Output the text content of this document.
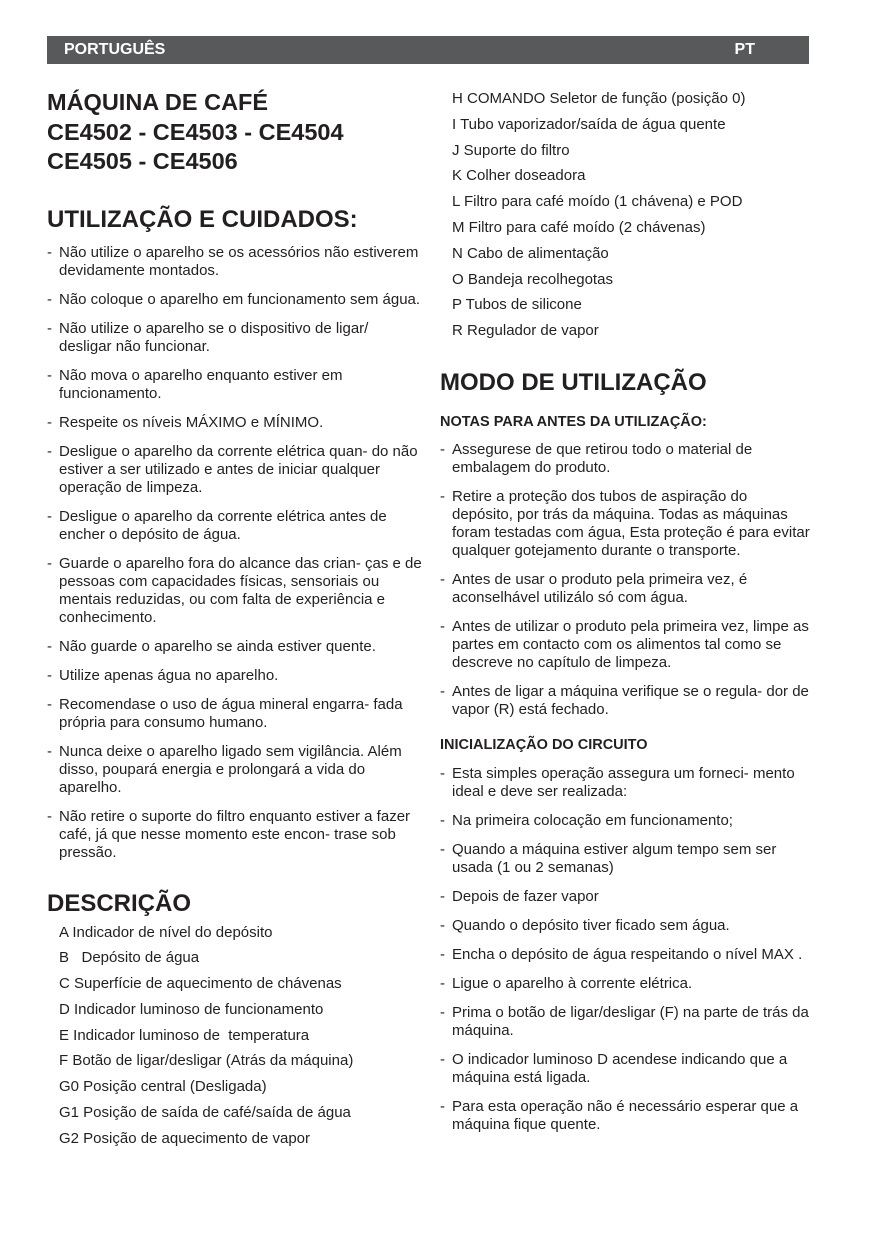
PORTUGUÊS	PT
MÁQUINA DE CAFÉ
CE4502 - CE4503 - CE4504
CE4505 - CE4506
UTILIZAÇÃO E CUIDADOS:
- Não utilize o aparelho se os acessórios não estiverem devidamente montados.
- Não coloque o aparelho em funcionamento sem água.
- Não utilize o aparelho se o dispositivo de ligar/ desligar não funcionar.
- Não mova o aparelho enquanto estiver em funcionamento.
- Respeite os níveis MÁXIMO e MÍNIMO.
- Desligue o aparelho da corrente elétrica quan- do não estiver a ser utilizado e antes de iniciar qualquer operação de limpeza.
- Desligue o aparelho da corrente elétrica antes de encher o depósito de água.
- Guarde o aparelho fora do alcance das crian- ças e de pessoas com capacidades físicas, sensoriais ou mentais reduzidas, ou com falta de experiência e conhecimento.
- Não guarde o aparelho se ainda estiver quente.
- Utilize apenas água no aparelho.
- Recomendase o uso de água mineral engarra- fada própria para consumo humano.
- Nunca deixe o aparelho ligado sem vigilância. Além disso, poupará energia e prolongará a vida do aparelho.
- Não retire o suporte do filtro enquanto estiver a fazer café, já que nesse momento este encon- trase sob pressão.
DESCRIÇÃO
A Indicador de nível do depósito
B   Depósito de água
C Superfície de aquecimento de chávenas
D Indicador luminoso de funcionamento
E Indicador luminoso de  temperatura
F Botão de ligar/desligar (Atrás da máquina)
G0 Posição central (Desligada)
G1 Posição de saída de café/saída de água
G2 Posição de aquecimento de vapor
H COMANDO Seletor de função (posição 0)
I Tubo vaporizador/saída de água quente
J Suporte do filtro
K Colher doseadora
L Filtro para café moído (1 chávena) e POD
M Filtro para café moído (2 chávenas)
N Cabo de alimentação
O Bandeja recolhegotas
P Tubos de silicone
R Regulador de vapor
MODO DE UTILIZAÇÃO
NOTAS PARA ANTES DA UTILIZAÇÃO:
- Assegurese de que retirou todo o material de embalagem do produto.
- Retire a proteção dos tubos de aspiração do depósito, por trás da máquina. Todas as máquinas foram testadas com água, Esta proteção é para evitar qualquer gotejamento durante o transporte.
- Antes de usar o produto pela primeira vez, é aconselhável utilizálo só com água.
- Antes de utilizar o produto pela primeira vez, limpe as partes em contacto com os alimentos tal como se descreve no capítulo de limpeza.
- Antes de ligar a máquina verifique se o regula- dor de vapor (R) está fechado.
INICIALIZAÇÃO DO CIRCUITO
- Esta simples operação assegura um forneci- mento ideal e deve ser realizada:
- Na primeira colocação em funcionamento;
- Quando a máquina estiver algum tempo sem ser usada (1 ou 2 semanas)
- Depois de fazer vapor
- Quando o depósito tiver ficado sem água.
- Encha o depósito de água respeitando o nível MAX .
- Ligue o aparelho à corrente elétrica.
- Prima o botão de ligar/desligar (F) na parte de trás da máquina.
- O indicador luminoso D acendese indicando que a máquina está ligada.
- Para esta operação não é necessário esperar que a máquina fique quente.
